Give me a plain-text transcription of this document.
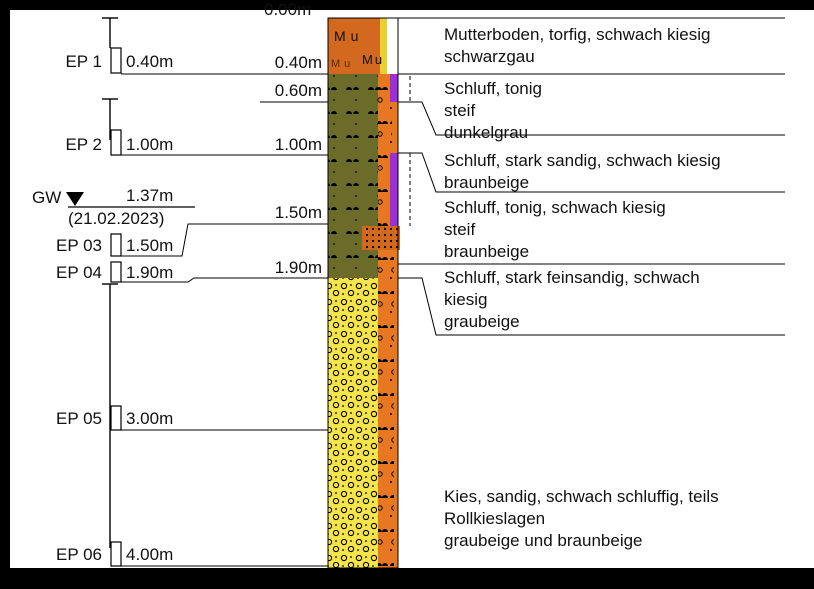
0.00m
EP 1 0.40m
EP 2 1.00m
GW	1.37m
(21.02.2023)
EP 03 1.50m
EP 04 1.90m
EP 05 3.00m
EP 06 4.00m
0.40m
0.60m
1.00m
1.50m
1.90m
Mu
Mu Mu
Mutterboden, torfig, schwach kiesig
schwarzgau
Schluff, tonig
steif
dunkelgrau
Schluff, stark sandig, schwach kiesig
braunbeige
Schluff, tonig, schwach kiesig
steif
braunbeige
Schluff, stark feinsandig, schwach
kiesig
graubeige
Kies, sandig, schwach schluffig, teils
Rollkieslagen
graubeige und braunbeige
